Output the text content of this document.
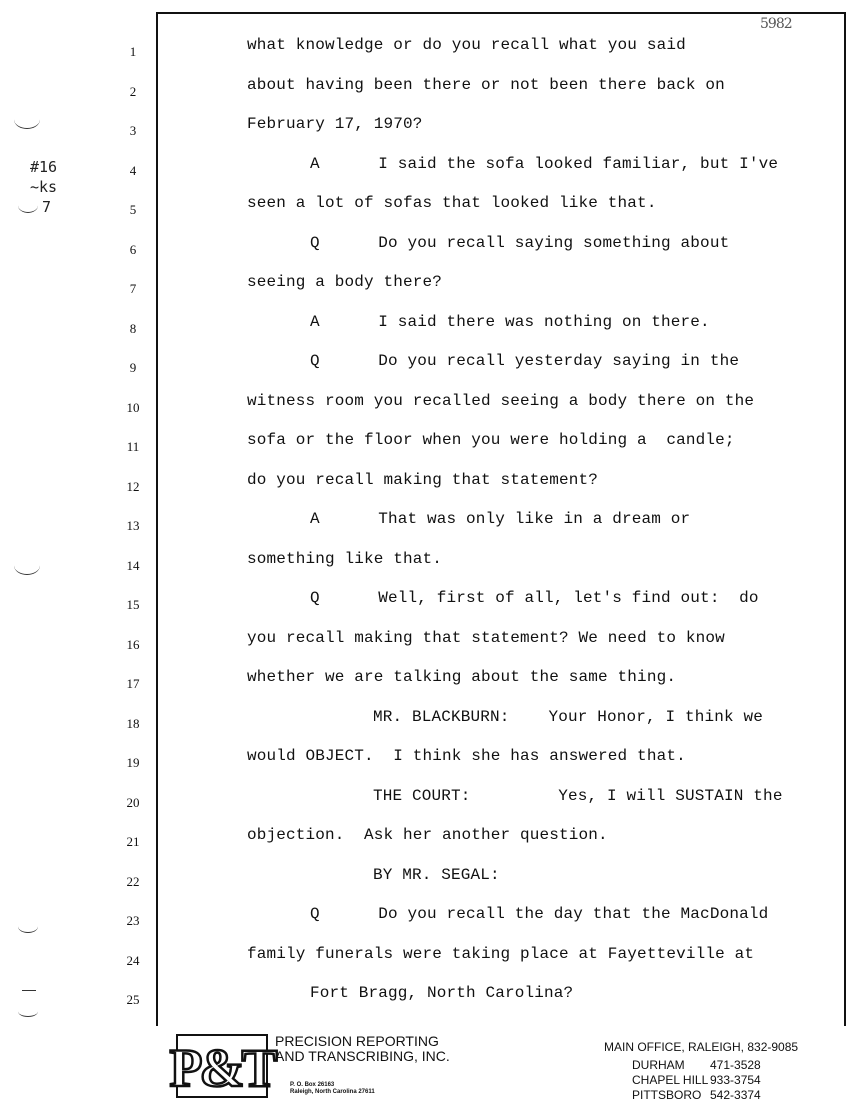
5982
#16
~ks
7
1	what knowledge or do you recall what you said
2	about having been there or not been there back on
3	February 17, 1970?
4	A      I said the sofa looked familiar, but I've
5	seen a lot of sofas that looked like that.
6	Q      Do you recall saying something about
7	seeing a body there?
8	A      I said there was nothing on there.
9	Q      Do you recall yesterday saying in the
10	witness room you recalled seeing a body there on the
11	sofa or the floor when you were holding a  candle;
12	do you recall making that statement?
13	A      That was only like in a dream or
14	something like that.
15	Q      Well, first of all, let's find out:  do
16	you recall making that statement? We need to know
17	whether we are talking about the same thing.
18	MR. BLACKBURN:    Your Honor, I think we
19	would OBJECT.  I think she has answered that.
20	THE COURT:         Yes, I will SUSTAIN the
21	objection.  Ask her another question.
22	BY MR. SEGAL:
23	Q      Do you recall the day that the MacDonald
24	family funerals were taking place at Fayetteville at
25	Fort Bragg, North Carolina?
P&T PRECISION REPORTING
AND TRANSCRIBING, INC.
P. O. Box 26163
Raleigh, North Carolina 27611
MAIN OFFICE, RALEIGH, 832-9085
DURHAM 471-3528
CHAPEL HILL 933-3754
PITTSBORO 542-3374
